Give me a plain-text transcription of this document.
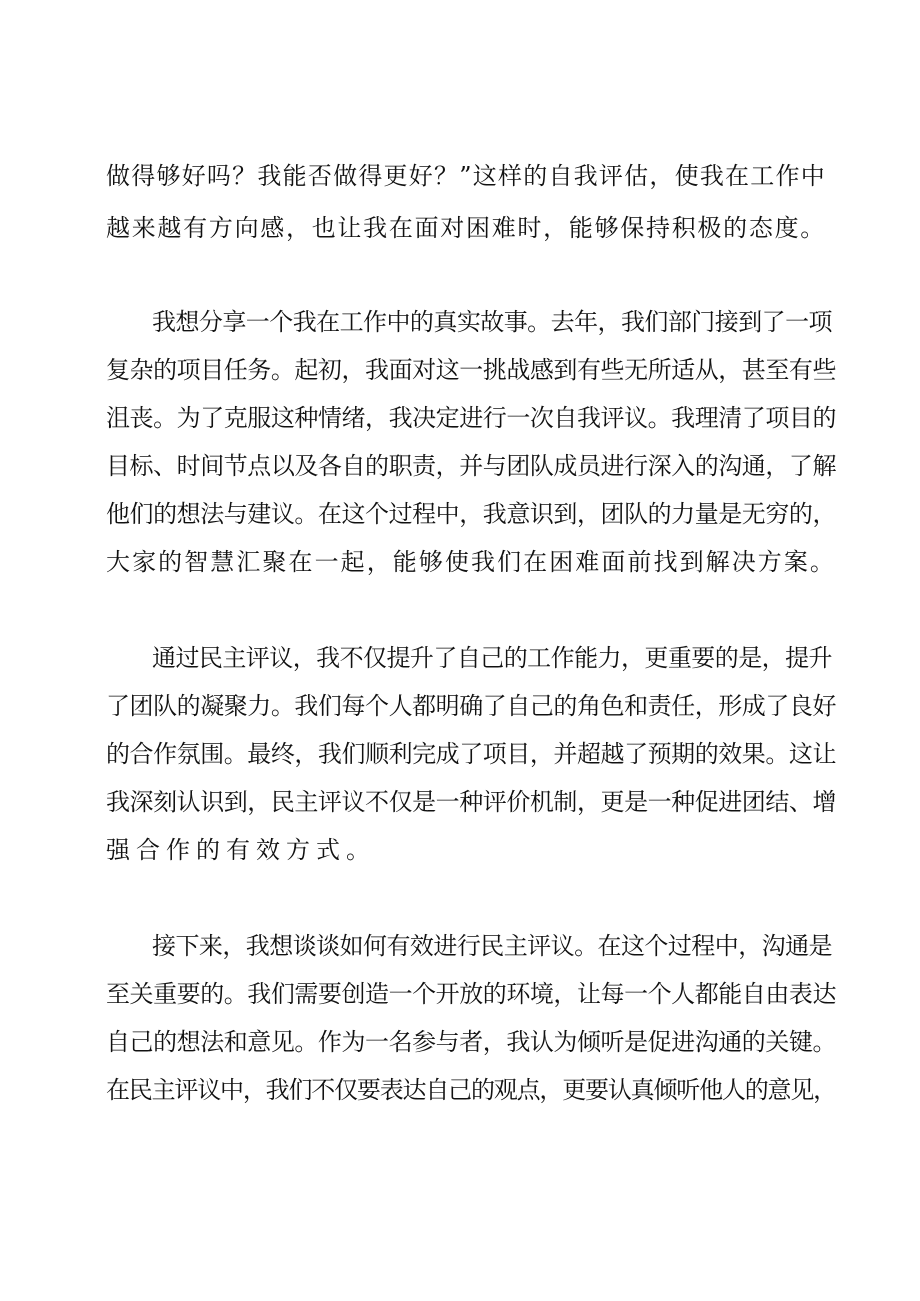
做得够好吗？我能否做得更好？”这样的自我评估，使我在工作中
越来越有方向感，也让我在面对困难时，能够保持积极的态度。
我想分享一个我在工作中的真实故事。去年，我们部门接到了一项
复杂的项目任务。起初，我面对这一挑战感到有些无所适从，甚至有些
沮丧。为了克服这种情绪，我决定进行一次自我评议。我理清了项目的
目标、时间节点以及各自的职责，并与团队成员进行深入的沟通，了解
他们的想法与建议。在这个过程中，我意识到，团队的力量是无穷的，
大家的智慧汇聚在一起，能够使我们在困难面前找到解决方案。
通过民主评议，我不仅提升了自己的工作能力，更重要的是，提升
了团队的凝聚力。我们每个人都明确了自己的角色和责任，形成了良好
的合作氛围。最终，我们顺利完成了项目，并超越了预期的效果。这让
我深刻认识到，民主评议不仅是一种评价机制，更是一种促进团结、增
强合作的有效方式。
接下来，我想谈谈如何有效进行民主评议。在这个过程中，沟通是
至关重要的。我们需要创造一个开放的环境，让每一个人都能自由表达
自己的想法和意见。作为一名参与者，我认为倾听是促进沟通的关键。
在民主评议中，我们不仅要表达自己的观点，更要认真倾听他人的意见，
